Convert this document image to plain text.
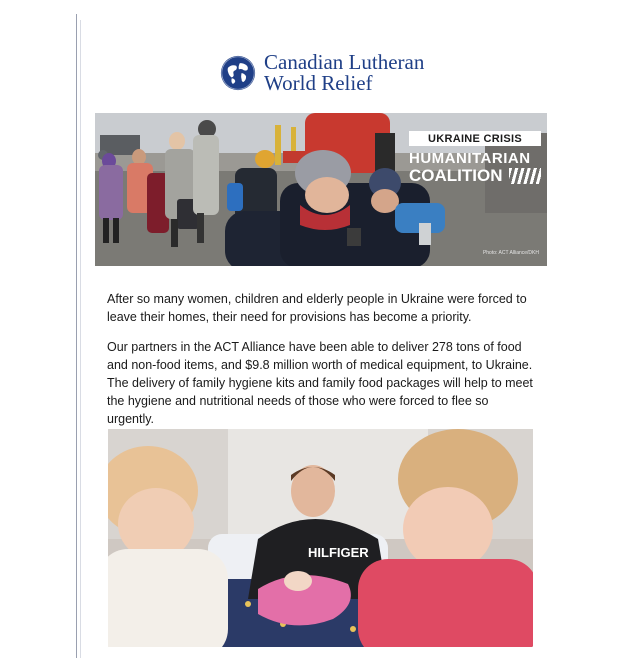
Canadian Lutheran
World Relief
UKRAINE CRISIS
HUMANITARIAN
COALITION
Photo: ACT Alliance/DKH

After so many women, children and elderly people in Ukraine were forced to leave their homes, their need for provisions has become a priority.

Our partners in the ACT Alliance have been able to deliver 278 tons of food and non-food items, and $9.8 million worth of medical equipment, to Ukraine. The delivery of family hygiene kits and family food packages will help to meet the hygiene and nutritional needs of those who were forced to flee so urgently.

HILFIGER
